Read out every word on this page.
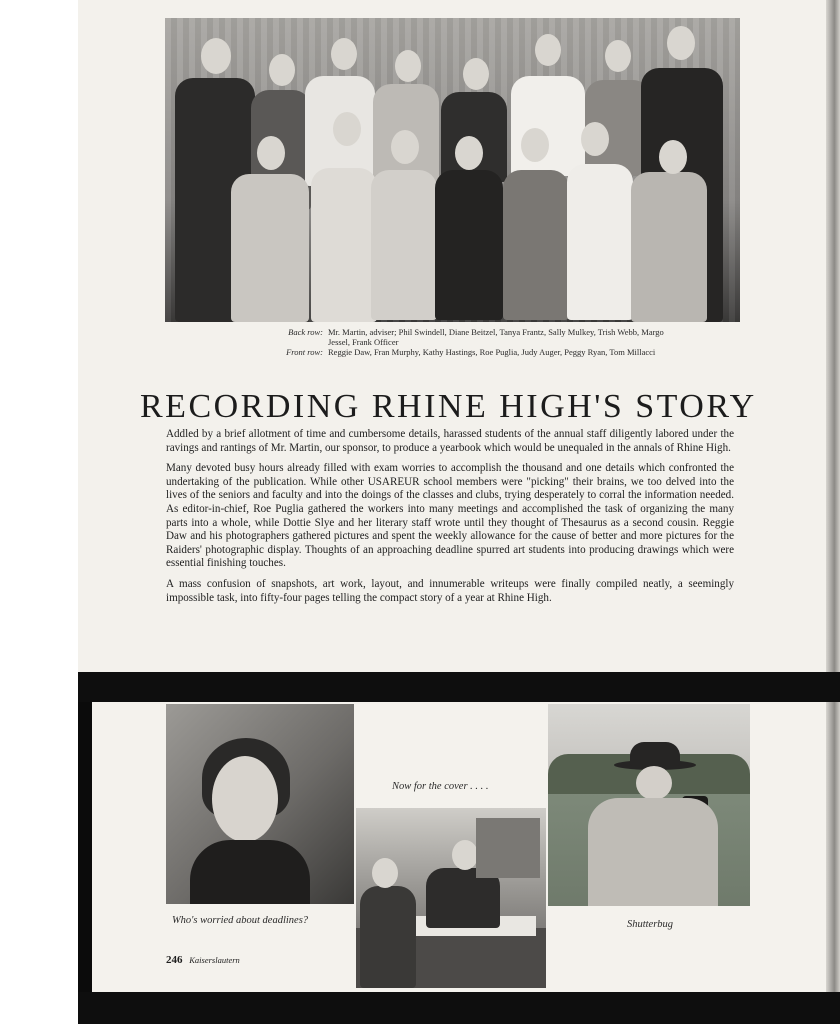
Back row: Mr. Martin, adviser; Phil Swindell, Diane Beitzel, Tanya Frantz, Sally Mulkey, Trish Webb, Margo Jessel, Frank Officer
Front row: Reggie Daw, Fran Murphy, Kathy Hastings, Roe Puglia, Judy Auger, Peggy Ryan, Tom Millacci
RECORDING RHINE HIGH'S STORY

Addled by a brief allotment of time and cumbersome details, harassed students of the annual staff diligently labored under the ravings and rantings of Mr. Martin, our sponsor, to produce a yearbook which would be unequaled in the annals of Rhine High.

Many devoted busy hours already filled with exam worries to accomplish the thousand and one details which confronted the undertaking of the publication. While other USAREUR school members were "picking" their brains, we too delved into the lives of the seniors and faculty and into the doings of the classes and clubs, trying desperately to corral the information needed. As editor-in-chief, Roe Puglia gathered the workers into many meetings and accomplished the task of organizing the many parts into a whole, while Dottie Slye and her literary staff wrote until they thought of Thesaurus as a second cousin. Reggie Daw and his photographers gathered pictures and spent the weekly allowance for the cause of better and more pictures for the Raiders' photographic display. Thoughts of an approaching deadline spurred art students into producing drawings which were essential finishing touches.

A mass confusion of snapshots, art work, layout, and innumerable writeups were finally compiled neatly, a seemingly impossible task, into fifty-four pages telling the compact story of a year at Rhine High.

Now for the cover . . . .
Who's worried about deadlines?	Shutterbug
246 Kaiserslautern
